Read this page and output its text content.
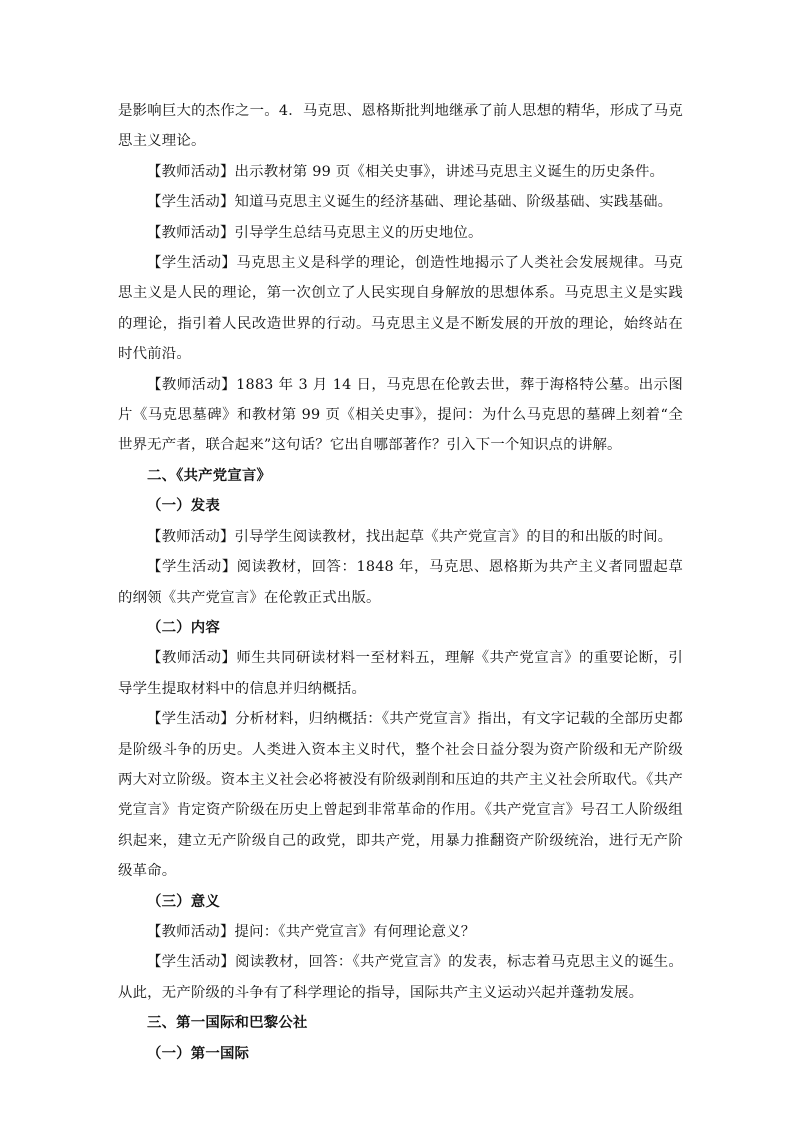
是影响巨大的杰作之一。4．马克思、恩格斯批判地继承了前人思想的精华，形成了马克思主义理论。

【教师活动】出示教材第 99 页《相关史事》，讲述马克思主义诞生的历史条件。

【学生活动】知道马克思主义诞生的经济基础、理论基础、阶级基础、实践基础。

【教师活动】引导学生总结马克思主义的历史地位。

【学生活动】马克思主义是科学的理论，创造性地揭示了人类社会发展规律。马克思主义是人民的理论，第一次创立了人民实现自身解放的思想体系。马克思主义是实践的理论，指引着人民改造世界的行动。马克思主义是不断发展的开放的理论，始终站在时代前沿。

【教师活动】1883 年 3 月 14 日，马克思在伦敦去世，葬于海格特公墓。出示图片《马克思墓碑》和教材第 99 页《相关史事》，提问：为什么马克思的墓碑上刻着“全世界无产者，联合起来”这句话？它出自哪部著作？引入下一个知识点的讲解。

二、《共产党宣言》

（一）发表

【教师活动】引导学生阅读教材，找出起草《共产党宣言》的目的和出版的时间。

【学生活动】阅读教材，回答：1848 年，马克思、恩格斯为共产主义者同盟起草的纲领《共产党宣言》在伦敦正式出版。

（二）内容

【教师活动】师生共同研读材料一至材料五，理解《共产党宣言》的重要论断，引导学生提取材料中的信息并归纳概括。

【学生活动】分析材料，归纳概括：《共产党宣言》指出，有文字记载的全部历史都是阶级斗争的历史。人类进入资本主义时代，整个社会日益分裂为资产阶级和无产阶级两大对立阶级。资本主义社会必将被没有阶级剥削和压迫的共产主义社会所取代。《共产党宣言》肯定资产阶级在历史上曾起到非常革命的作用。《共产党宣言》号召工人阶级组织起来，建立无产阶级自己的政党，即共产党，用暴力推翻资产阶级统治，进行无产阶级革命。

（三）意义

【教师活动】提问：《共产党宣言》有何理论意义？

【学生活动】阅读教材，回答：《共产党宣言》的发表，标志着马克思主义的诞生。从此，无产阶级的斗争有了科学理论的指导，国际共产主义运动兴起并蓬勃发展。

三、第一国际和巴黎公社

（一）第一国际
